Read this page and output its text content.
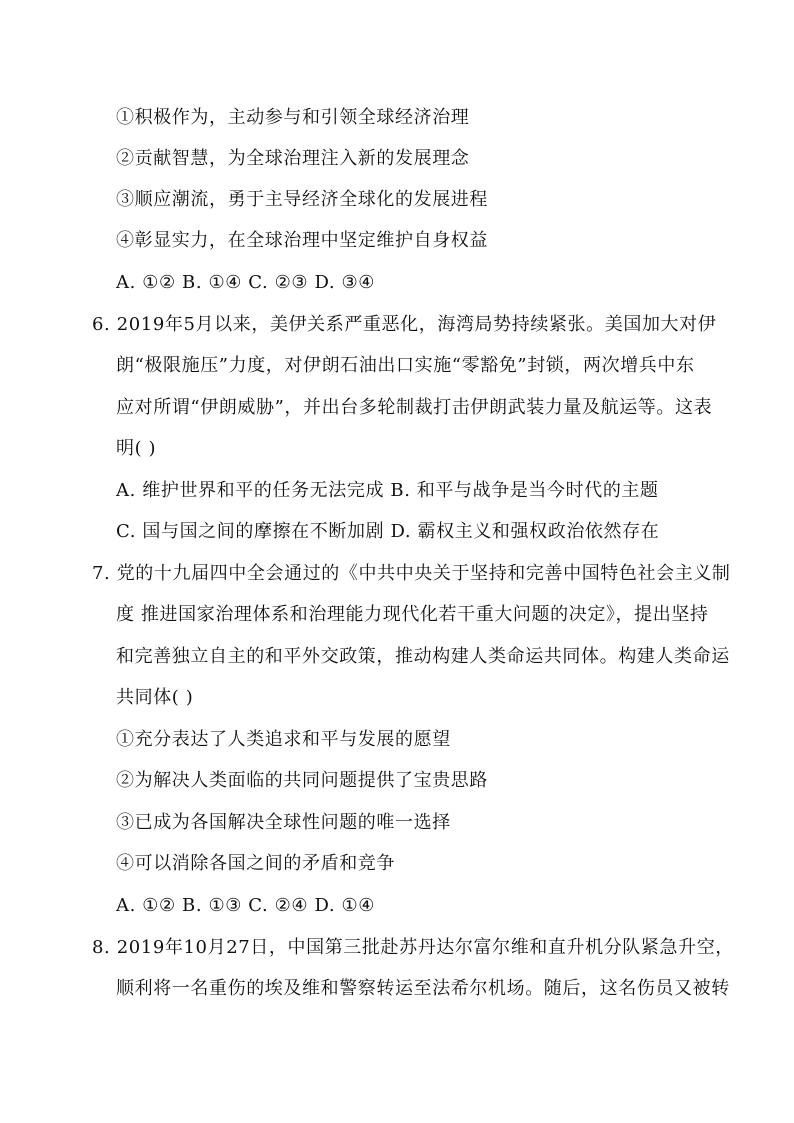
①积极作为，主动参与和引领全球经济治理
②贡献智慧，为全球治理注入新的发展理念
③顺应潮流，勇于主导经济全球化的发展进程
④彰显实力，在全球治理中坚定维护自身权益
A. ①② B. ①④ C. ②③ D. ③④
6. 2019年5月以来，美伊关系严重恶化，海湾局势持续紧张。美国加大对伊
朗“极限施压”力度，对伊朗石油出口实施“零豁免”封锁，两次增兵中东
应对所谓“伊朗威胁”，并出台多轮制裁打击伊朗武装力量及航运等。这表
明( )
A. 维护世界和平的任务无法完成 B. 和平与战争是当今时代的主题
C. 国与国之间的摩擦在不断加剧 D. 霸权主义和强权政治依然存在
7. 党的十九届四中全会通过的《中共中央关于坚持和完善中国特色社会主义制
度 推进国家治理体系和治理能力现代化若干重大问题的决定》，提出坚持
和完善独立自主的和平外交政策，推动构建人类命运共同体。构建人类命运
共同体( )
①充分表达了人类追求和平与发展的愿望
②为解决人类面临的共同问题提供了宝贵思路
③已成为各国解决全球性问题的唯一选择
④可以消除各国之间的矛盾和竞争
A. ①② B. ①③ C. ②④ D. ①④
8. 2019年10月27日，中国第三批赴苏丹达尔富尔维和直升机分队紧急升空，
顺利将一名重伤的埃及维和警察转运至法希尔机场。随后，这名伤员又被转
